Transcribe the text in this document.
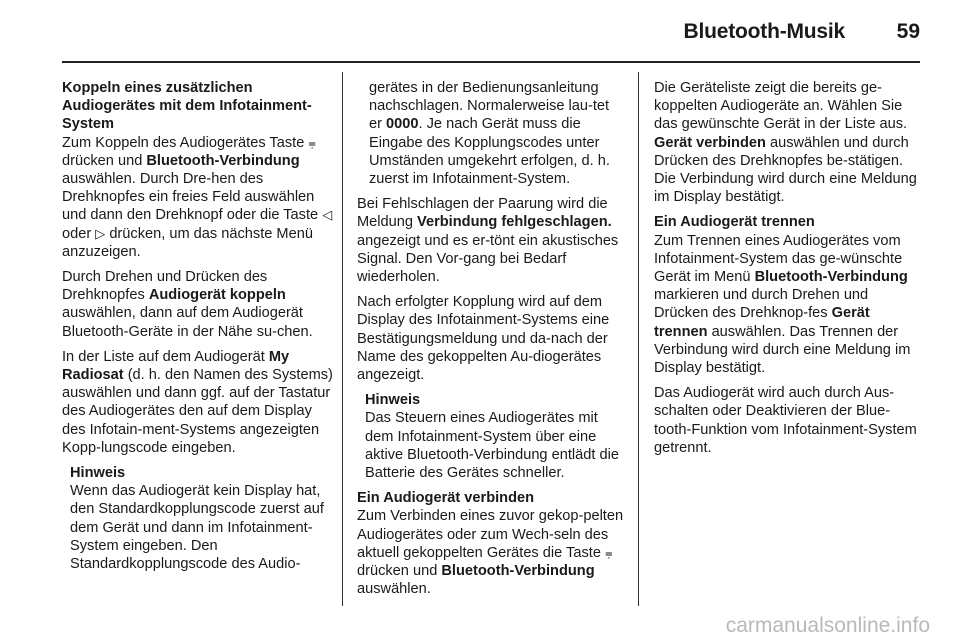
Bluetooth-Musik 59
Koppeln eines zusätzlichen Audiogerätes mit dem Infotainment-System

Zum Koppeln des Audiogerätes Taste ⩦ drücken und Bluetooth-Verbindung auswählen. Durch Dre-hen des Drehknopfes ein freies Feld auswählen und dann den Drehknopf oder die Taste ◁ oder ▷ drücken, um das nächste Menü anzuzeigen.

Durch Drehen und Drücken des Drehknopfes Audiogerät koppeln auswählen, dann auf dem Audiogerät Bluetooth-Geräte in der Nähe su-chen.

In der Liste auf dem Audiogerät My Radiosat (d. h. den Namen des Systems) auswählen und dann ggf. auf der Tastatur des Audiogerätes den auf dem Display des Infotain-ment-Systems angezeigten Kopp-lungscode eingeben.

Hinweis
Wenn das Audiogerät kein Display hat, den Standardkopplungscode zuerst auf dem Gerät und dann im Infotainment-System eingeben. Den Standardkopplungscode des Audio-

gerätes in der Bedienungsanleitung nachschlagen. Normalerweise lau-tet er 0000. Je nach Gerät muss die Eingabe des Kopplungscodes unter Umständen umgekehrt erfolgen, d. h. zuerst im Infotainment-System.

Bei Fehlschlagen der Paarung wird die Meldung Verbindung fehlgeschlagen. angezeigt und es er-tönt ein akustisches Signal. Den Vor-gang bei Bedarf wiederholen.

Nach erfolgter Kopplung wird auf dem Display des Infotainment-Systems eine Bestätigungsmeldung und da-nach der Name des gekoppelten Au-diogerätes angezeigt.

Hinweis
Das Steuern eines Audiogerätes mit dem Infotainment-System über eine aktive Bluetooth-Verbindung entlädt die Batterie des Gerätes schneller.
Ein Audiogerät verbinden

Zum Verbinden eines zuvor gekop-pelten Audiogerätes oder zum Wech-seln des aktuell gekoppelten Gerätes die Taste ⩦ drücken und Bluetooth-Verbindung auswählen.

Die Geräteliste zeigt die bereits ge-koppelten Audiogeräte an. Wählen Sie das gewünschte Gerät in der Liste aus. Gerät verbinden auswählen und durch Drücken des Drehknopfes be-stätigen. Die Verbindung wird durch eine Meldung im Display bestätigt.

Ein Audiogerät trennen

Zum Trennen eines Audiogerätes vom Infotainment-System das ge-wünschte Gerät im Menü Bluetooth-Verbindung markieren und durch Drehen und Drücken des Drehknop-fes Gerät trennen auswählen. Das Trennen der Verbindung wird durch eine Meldung im Display bestätigt.

Das Audiogerät wird auch durch Aus-schalten oder Deaktivieren der Blue-tooth-Funktion vom Infotainment-System getrennt.

carmanualsonline.info
